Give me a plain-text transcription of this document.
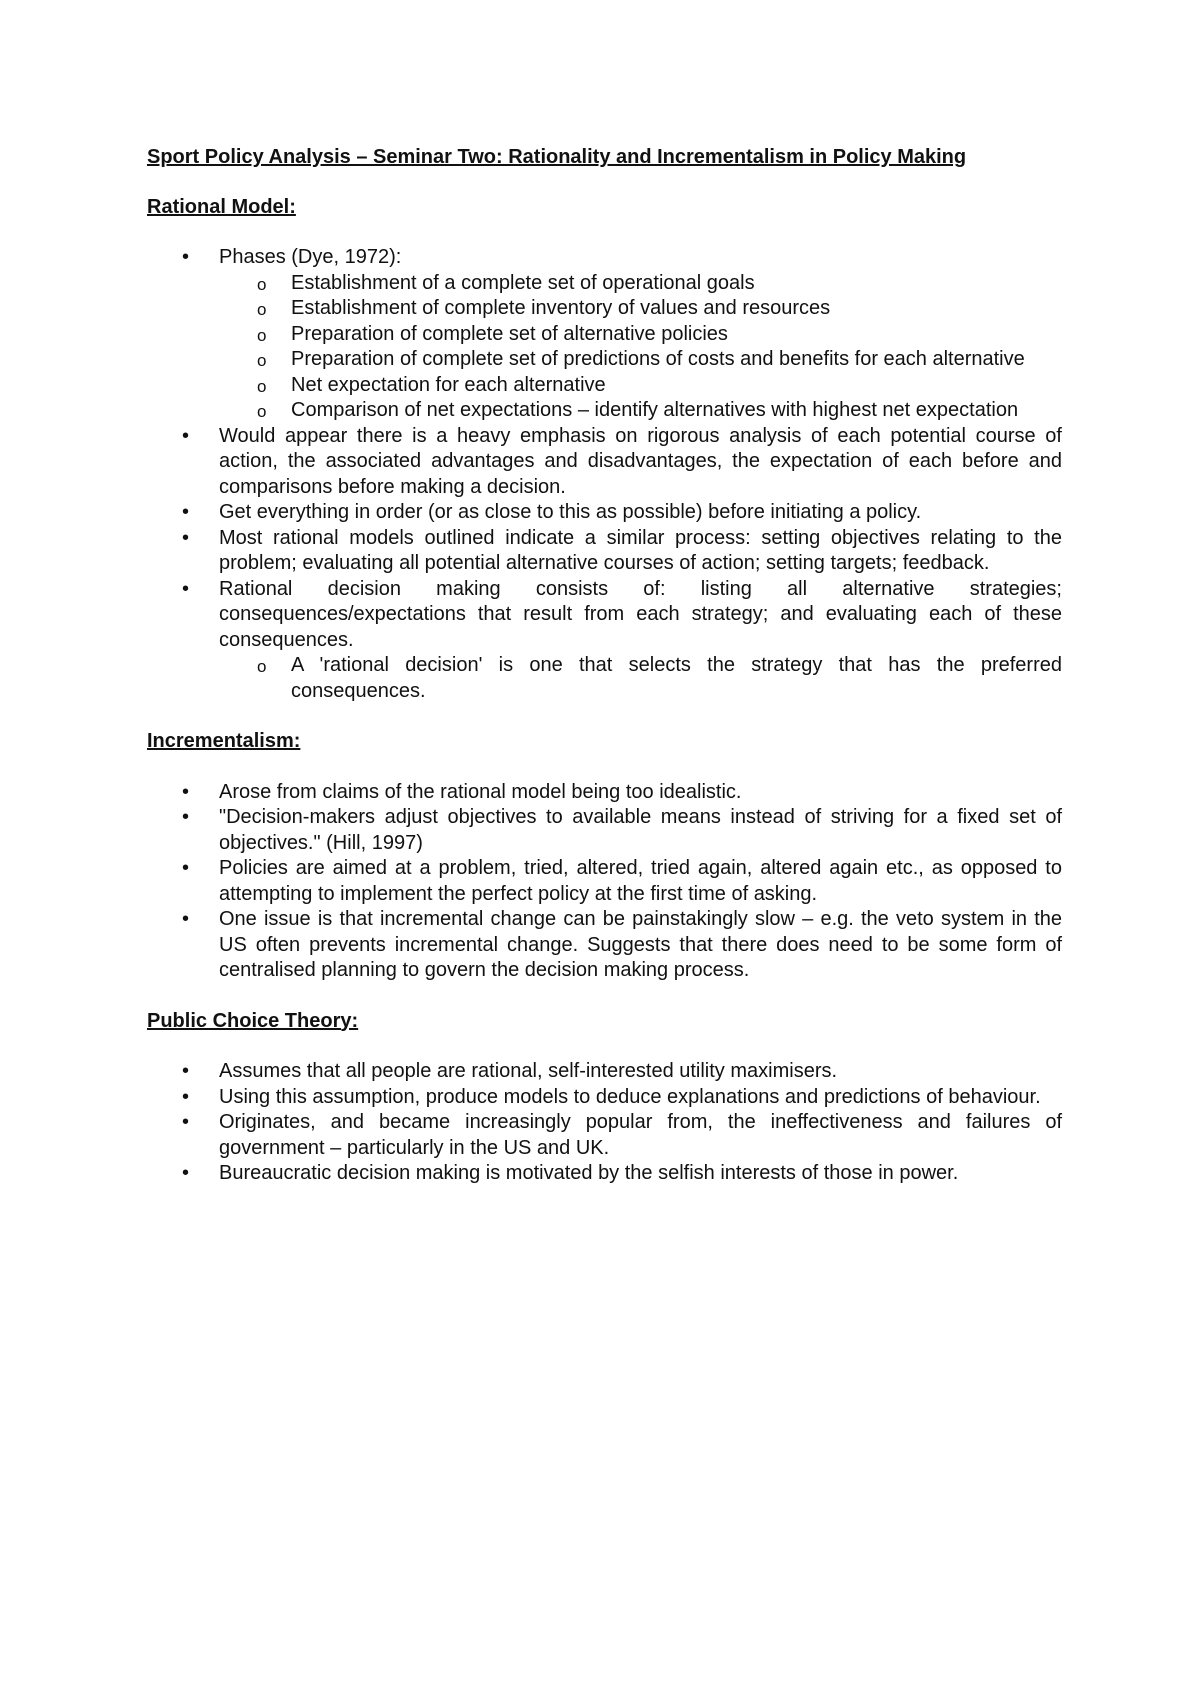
Sport Policy Analysis – Seminar Two: Rationality and Incrementalism in Policy Making
Rational Model:
•
Phases (Dye, 1972):
o
Establishment of a complete set of operational goals
o
Establishment of complete inventory of values and resources
o
Preparation of complete set of alternative policies
o
Preparation of complete set of predictions of costs and benefits for each alternative
o
Net expectation for each alternative
o
Comparison of net expectations – identify alternatives with highest net expectation
•
Would appear there is a heavy emphasis on rigorous analysis of each potential course of action, the associated advantages and disadvantages, the expectation of each before and comparisons before making a decision.
•
Get everything in order (or as close to this as possible) before initiating a policy.
•
Most rational models outlined indicate a similar process: setting objectives relating to the problem; evaluating all potential alternative courses of action; setting targets; feedback.
•
Rational decision making consists of: listing all alternative strategies; consequences/expectations that result from each strategy; and evaluating each of these consequences.
o
A 'rational decision' is one that selects the strategy that has the preferred consequences.
Incrementalism:
•
Arose from claims of the rational model being too idealistic.
•
"Decision-makers adjust objectives to available means instead of striving for a fixed set of objectives." (Hill, 1997)
•
Policies are aimed at a problem, tried, altered, tried again, altered again etc., as opposed to attempting to implement the perfect policy at the first time of asking.
•
One issue is that incremental change can be painstakingly slow – e.g. the veto system in the US often prevents incremental change. Suggests that there does need to be some form of centralised planning to govern the decision making process.
Public Choice Theory:
•
Assumes that all people are rational, self-interested utility maximisers.
•
Using this assumption, produce models to deduce explanations and predictions of behaviour.
•
Originates, and became increasingly popular from, the ineffectiveness and failures of government – particularly in the US and UK.
•
Bureaucratic decision making is motivated by the selfish interests of those in power.
